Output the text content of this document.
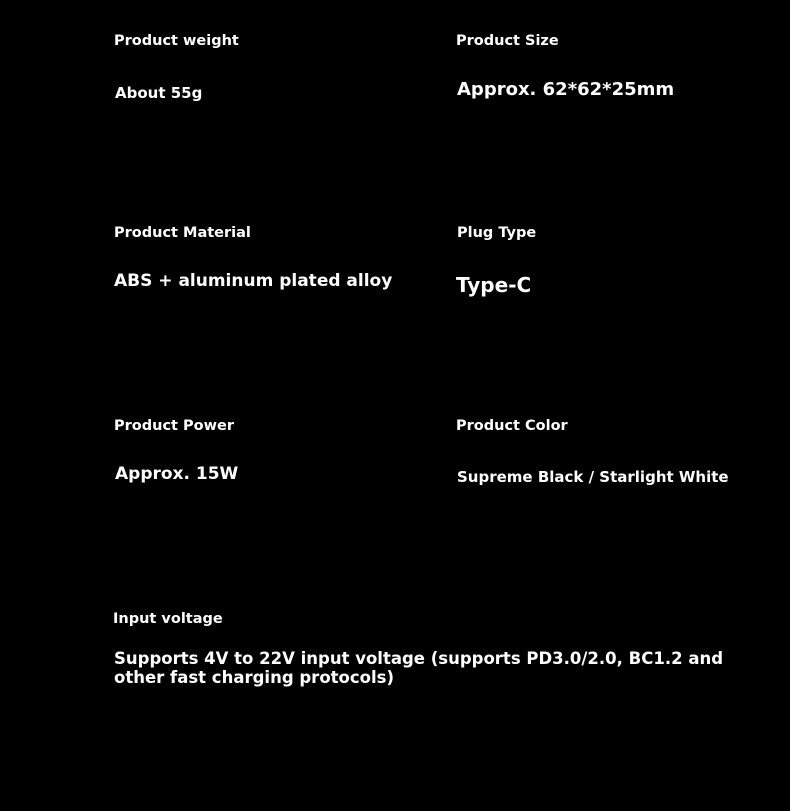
Product weight
About 55g
Product Size
Approx. 62*62*25mm
Product Material
ABS + aluminum plated alloy
Plug Type
Type-C
Product Power
Approx. 15W
Product Color
Supreme Black / Starlight White
Input voltage
Supports 4V to 22V input voltage (supports PD3.0/2.0, BC1.2 and other fast charging protocols)
